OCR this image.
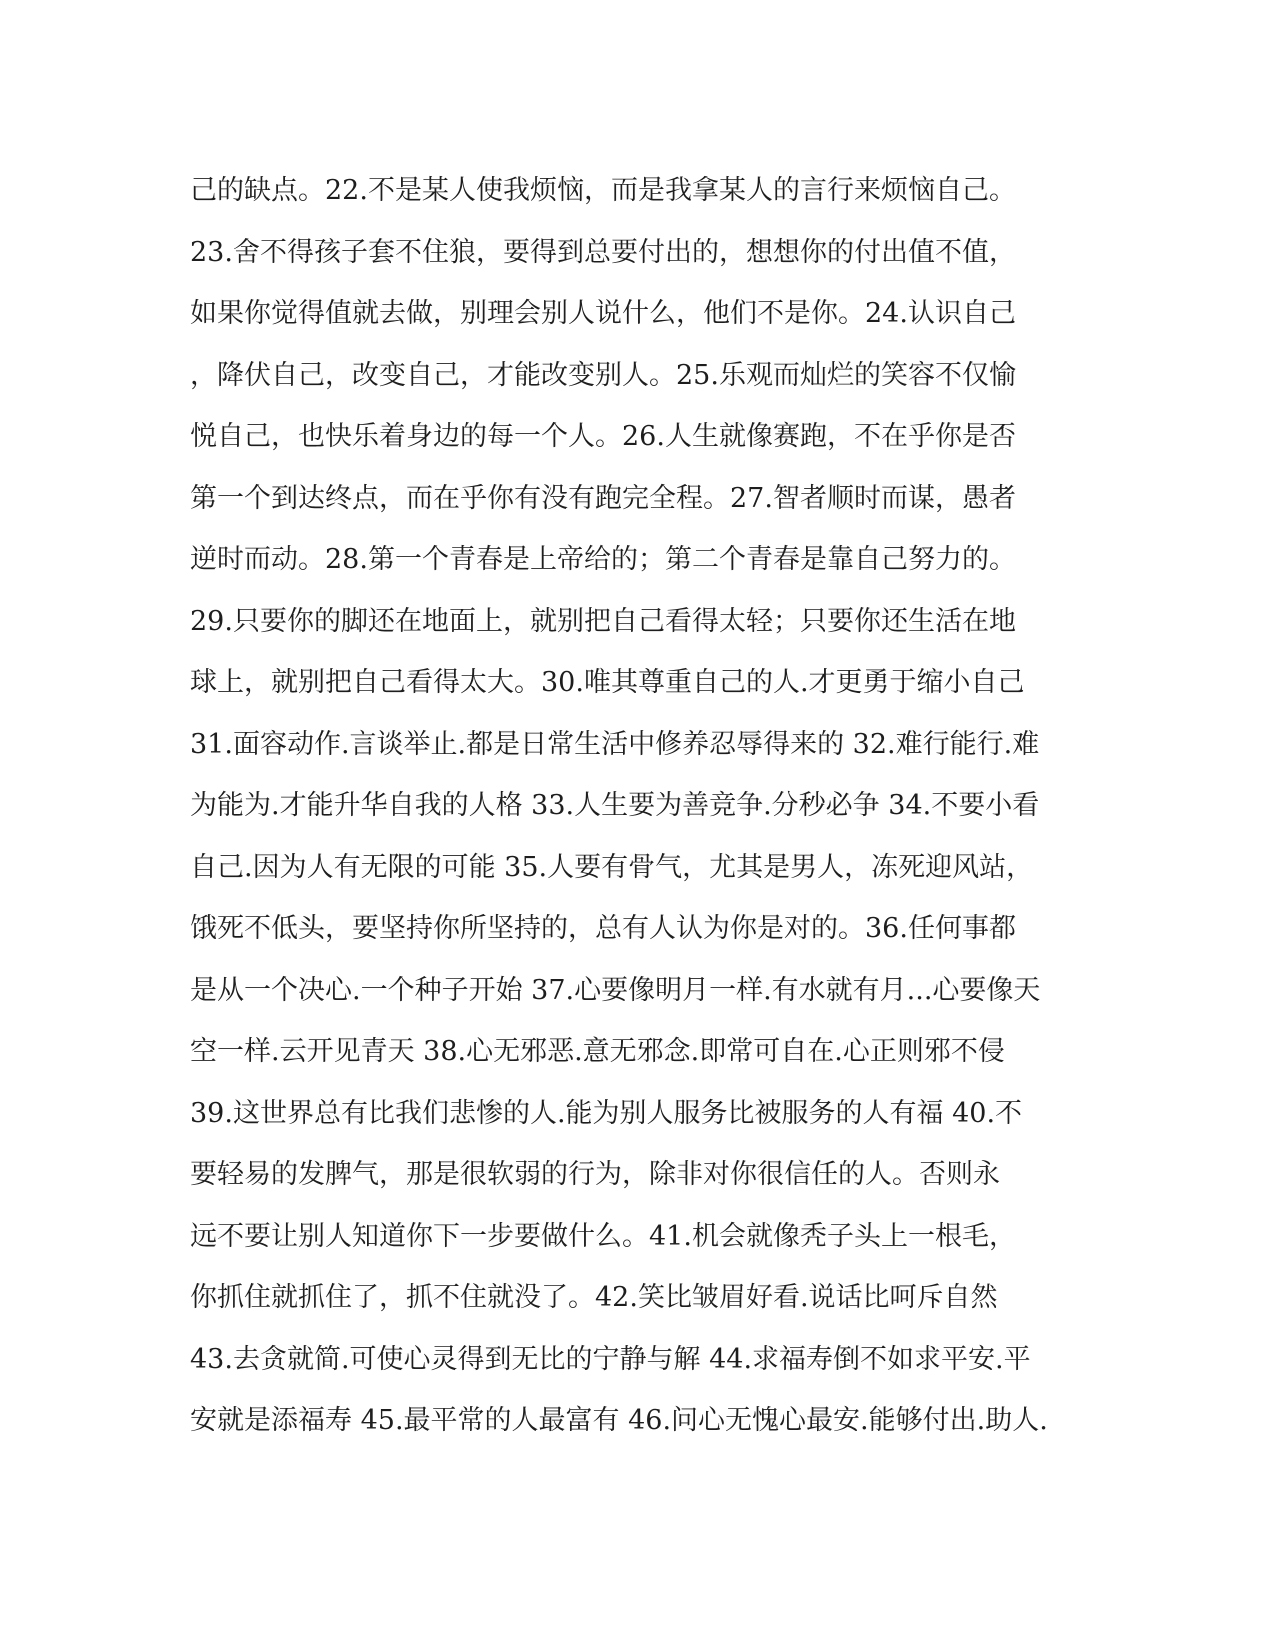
己的缺点。22.不是某人使我烦恼，而是我拿某人的言行来烦恼自己。
23.舍不得孩子套不住狼，要得到总要付出的，想想你的付出值不值，
如果你觉得值就去做，别理会别人说什么，他们不是你。24.认识自己
，降伏自己，改变自己，才能改变别人。25.乐观而灿烂的笑容不仅愉
悦自己，也快乐着身边的每一个人。26.人生就像赛跑，不在乎你是否
第一个到达终点，而在乎你有没有跑完全程。27.智者顺时而谋，愚者
逆时而动。28.第一个青春是上帝给的；第二个青春是靠自己努力的。
29.只要你的脚还在地面上，就别把自己看得太轻；只要你还生活在地
球上，就别把自己看得太大。30.唯其尊重自己的人.才更勇于缩小自己
31.面容动作.言谈举止.都是日常生活中修养忍辱得来的 32.难行能行.难
为能为.才能升华自我的人格 33.人生要为善竞争.分秒必争 34.不要小看
自己.因为人有无限的可能 35.人要有骨气，尤其是男人，冻死迎风站，
饿死不低头，要坚持你所坚持的，总有人认为你是对的。36.任何事都
是从一个决心.一个种子开始 37.心要像明月一样.有水就有月...心要像天
空一样.云开见青天 38.心无邪恶.意无邪念.即常可自在.心正则邪不侵
39.这世界总有比我们悲惨的人.能为别人服务比被服务的人有福 40.不
要轻易的发脾气，那是很软弱的行为，除非对你很信任的人。否则永
远不要让别人知道你下一步要做什么。41.机会就像秃子头上一根毛，
你抓住就抓住了，抓不住就没了。42.笑比皱眉好看.说话比呵斥自然
43.去贪就简.可使心灵得到无比的宁静与解 44.求福寿倒不如求平安.平
安就是添福寿 45.最平常的人最富有 46.问心无愧心最安.能够付出.助人.
